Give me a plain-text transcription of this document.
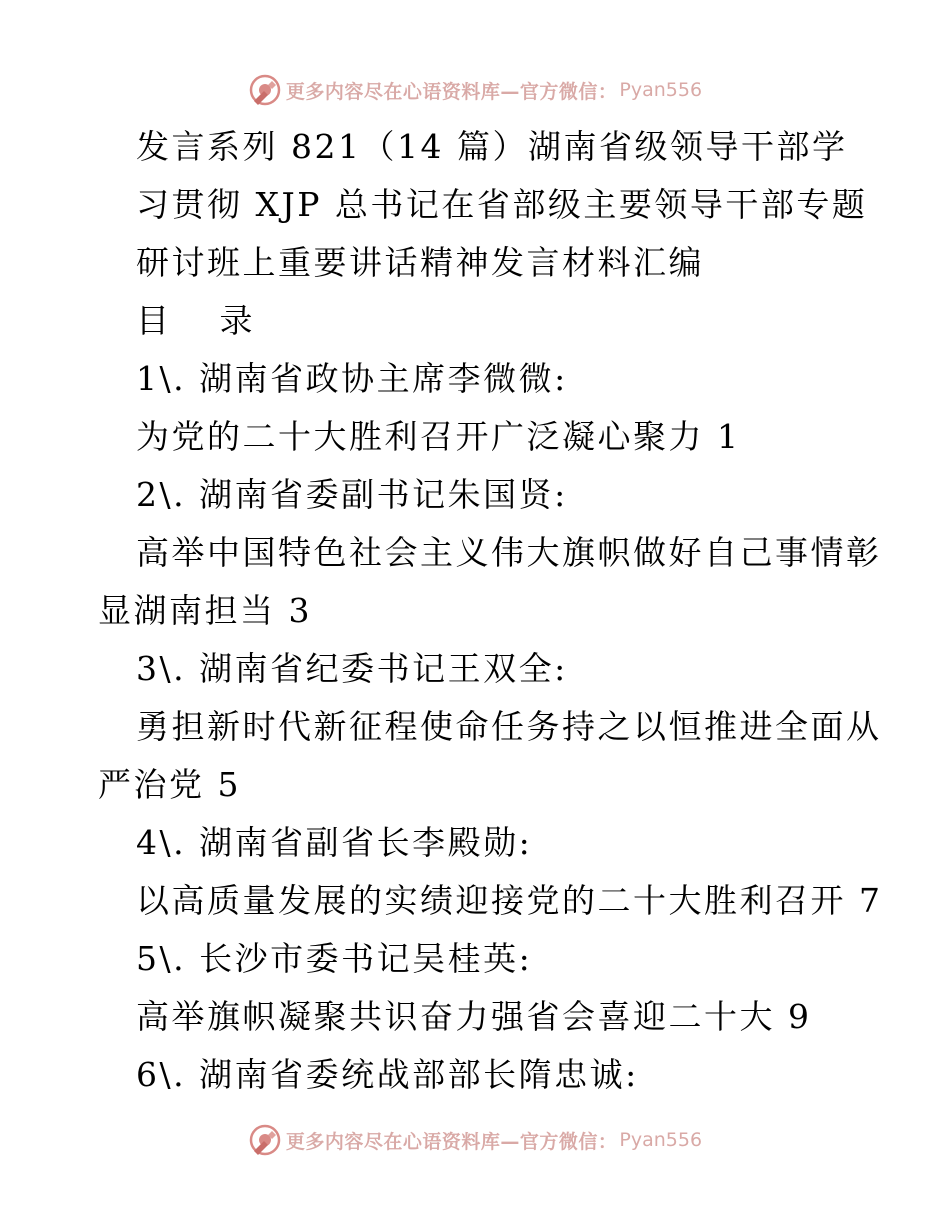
更多内容尽在心语资料库—官方微信： Pyan556
发言系列 821（14 篇）湖南省级领导干部学
习贯彻 XJP 总书记在省部级主要领导干部专题
研讨班上重要讲话精神发言材料汇编
目 录
1\. 湖南省政协主席李微微:
为党的二十大胜利召开广泛凝心聚力 1
2\. 湖南省委副书记朱国贤:
高举中国特色社会主义伟大旗帜做好自己事情彰
显湖南担当 3
3\. 湖南省纪委书记王双全:
勇担新时代新征程使命任务持之以恒推进全面从
严治党 5
4\. 湖南省副省长李殿勋:
以高质量发展的实绩迎接党的二十大胜利召开 7
5\. 长沙市委书记吴桂英:
高举旗帜凝聚共识奋力强省会喜迎二十大 9
6\. 湖南省委统战部部长隋忠诚:
更多内容尽在心语资料库—官方微信： Pyan556
